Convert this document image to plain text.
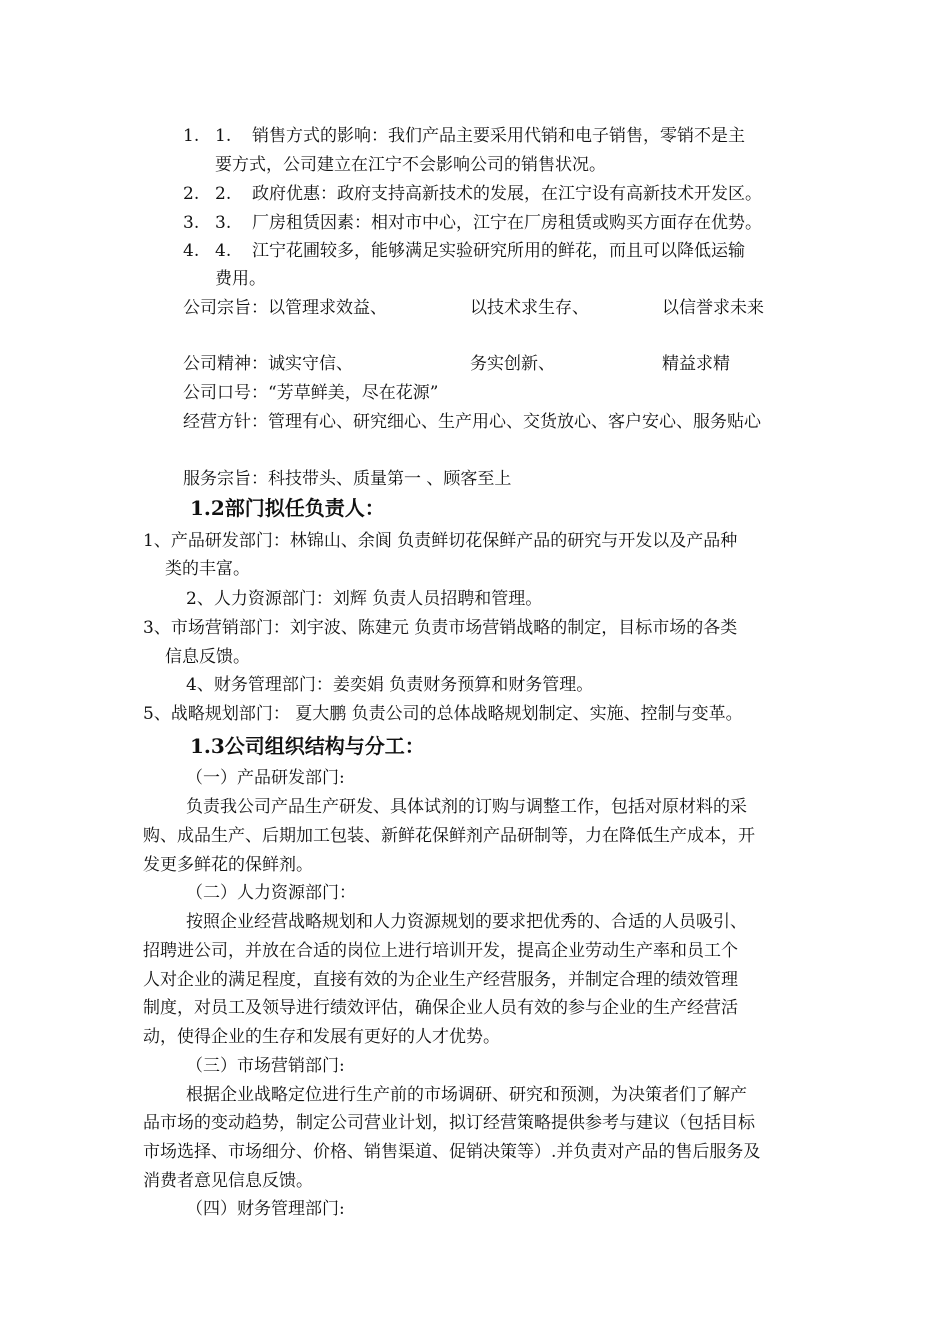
1. 1. 销售方式的影响：我们产品主要采用代销和电子销售，零销不是主
要方式，公司建立在江宁不会影响公司的销售状况。
2. 2. 政府优惠：政府支持高新技术的发展，在江宁设有高新技术开发区。
3. 3. 厂房租赁因素：相对市中心，江宁在厂房租赁或购买方面存在优势。
4. 4. 江宁花圃较多，能够满足实验研究所用的鲜花，而且可以降低运输
费用。
公司宗旨：以管理求效益、	以技术求生存、	以信誉求未来
公司精神：诚实守信、	务实创新、	精益求精
公司口号：“芳草鲜美，尽在花源”
经营方针：管理有心、研究细心、生产用心、交货放心、客户安心、服务贴心
服务宗旨：科技带头、质量第一 、顾客至上
1.2部门拟任负责人：
1、产品研发部门：林锦山、余阆 负责鲜切花保鲜产品的研究与开发以及产品种
类的丰富。
2、人力资源部门：刘辉 负责人员招聘和管理。
3、市场营销部门：刘宇波、陈建元 负责市场营销战略的制定，目标市场的各类
信息反馈。
4、财务管理部门：姜奕娟 负责财务预算和财务管理。
5、战略规划部门： 夏大鹏 负责公司的总体战略规划制定、实施、控制与变革。
1.3公司组织结构与分工：
（一）产品研发部门:
负责我公司产品生产研发、具体试剂的订购与调整工作，包括对原材料的采
购、成品生产、后期加工包装、新鲜花保鲜剂产品研制等，力在降低生产成本，开
发更多鲜花的保鲜剂。
（二）人力资源部门：
按照企业经营战略规划和人力资源规划的要求把优秀的、合适的人员吸引、
招聘进公司，并放在合适的岗位上进行培训开发，提高企业劳动生产率和员工个
人对企业的满足程度，直接有效的为企业生产经营服务，并制定合理的绩效管理
制度，对员工及领导进行绩效评估，确保企业人员有效的参与企业的生产经营活
动，使得企业的生存和发展有更好的人才优势。
（三）市场营销部门:
根据企业战略定位进行生产前的市场调研、研究和预测，为决策者们了解产
品市场的变动趋势，制定公司营业计划，拟订经营策略提供参考与建议（包括目标
市场选择、市场细分、价格、销售渠道、促销决策等）.并负责对产品的售后服务及
消费者意见信息反馈。
（四）财务管理部门:
